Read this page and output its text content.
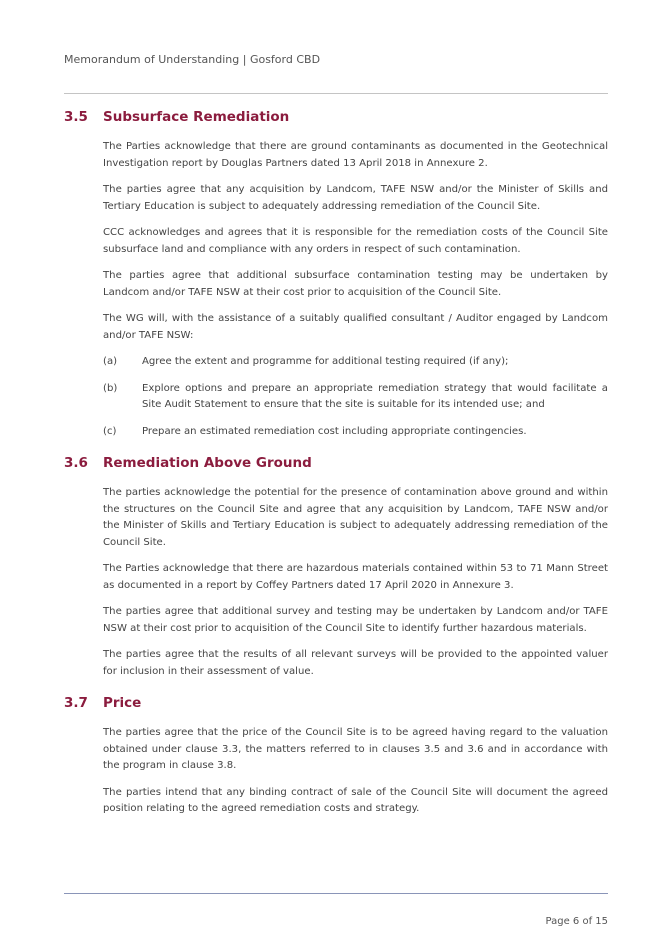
Memorandum of Understanding | Gosford CBD
3.5 Subsurface Remediation

The Parties acknowledge that there are ground contaminants as documented in the Geotechnical Investigation report by Douglas Partners dated 13 April 2018 in Annexure 2.

The parties agree that any acquisition by Landcom, TAFE NSW and/or the Minister of Skills and Tertiary Education is subject to adequately addressing remediation of the Council Site.

CCC acknowledges and agrees that it is responsible for the remediation costs of the Council Site subsurface land and compliance with any orders in respect of such contamination.

The parties agree that additional subsurface contamination testing may be undertaken by Landcom and/or TAFE NSW at their cost prior to acquisition of the Council Site.

The WG will, with the assistance of a suitably qualified consultant / Auditor engaged by Landcom and/or TAFE NSW:

(a) Agree the extent and programme for additional testing required (if any);
(b) Explore options and prepare an appropriate remediation strategy that would facilitate a Site Audit Statement to ensure that the site is suitable for its intended use; and
(c)	Prepare an estimated remediation cost including appropriate contingencies.
3.6 Remediation Above Ground

The parties acknowledge the potential for the presence of contamination above ground and within the structures on the Council Site and agree that any acquisition by Landcom, TAFE NSW and/or the Minister of Skills and Tertiary Education is subject to adequately addressing remediation of the Council Site.

The Parties acknowledge that there are hazardous materials contained within 53 to 71 Mann Street as documented in a report by Coffey Partners dated 17 April 2020 in Annexure 3.

The parties agree that additional survey and testing may be undertaken by Landcom and/or TAFE NSW at their cost prior to acquisition of the Council Site to identify further hazardous materials.

The parties agree that the results of all relevant surveys will be provided to the appointed valuer for inclusion in their assessment of value.

3.7 Price

The parties agree that the price of the Council Site is to be agreed having regard to the valuation obtained under clause 3.3, the matters referred to in clauses 3.5 and 3.6 and in accordance with the program in clause 3.8.

The parties intend that any binding contract of sale of the Council Site will document the agreed position relating to the agreed remediation costs and strategy.

Page 6 of 15
